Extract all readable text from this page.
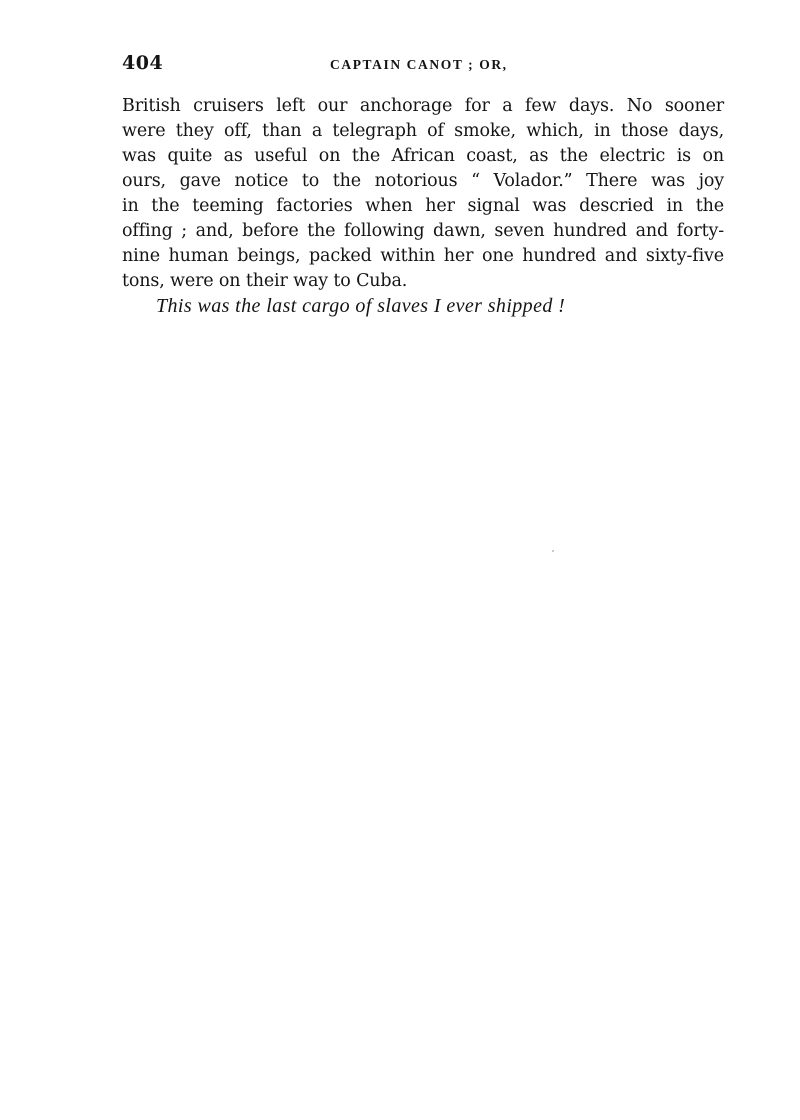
404	CAPTAIN CANOT ; OR,
British cruisers left our anchorage for a few days. No sooner
were they off, than a telegraph of smoke, which, in those days,
was quite as useful on the African coast, as the electric is on
ours, gave notice to the notorious “ Volador.” There was joy
in the teeming factories when her signal was descried in the
offing ; and, before the following dawn, seven hundred and forty-
nine human beings, packed within her one hundred and sixty-five
tons, were on their way to Cuba.
This was the last cargo of slaves I ever shipped !
